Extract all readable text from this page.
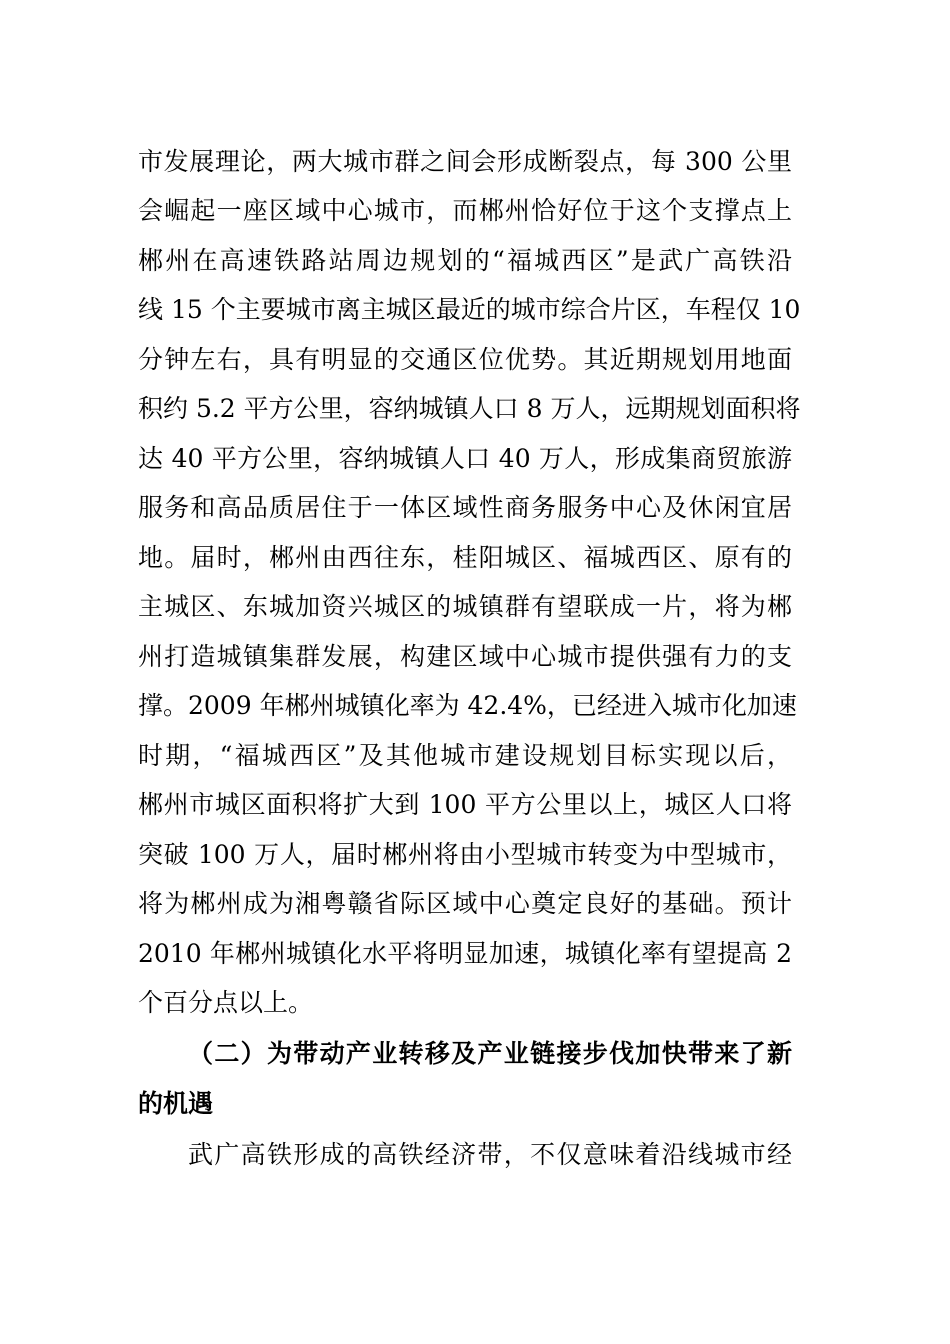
市发展理论，两大城市群之间会形成断裂点，每 300 公里
会崛起一座区域中心城市，而郴州恰好位于这个支撑点上
郴州在高速铁路站周边规划的“福城西区”是武广高铁沿
线 15 个主要城市离主城区最近的城市综合片区，车程仅 10
分钟左右，具有明显的交通区位优势。其近期规划用地面
积约 5.2 平方公里，容纳城镇人口 8 万人，远期规划面积将
达 40 平方公里，容纳城镇人口 40 万人，形成集商贸旅游
服务和高品质居住于一体区域性商务服务中心及休闲宜居
地。届时，郴州由西往东，桂阳城区、福城西区、原有的
主城区、东城加资兴城区的城镇群有望联成一片，将为郴
州打造城镇集群发展，构建区域中心城市提供强有力的支
撑。2009 年郴州城镇化率为 42.4%，已经进入城市化加速
时期，“福城西区”及其他城市建设规划目标实现以后，
郴州市城区面积将扩大到 100 平方公里以上，城区人口将
突破 100 万人，届时郴州将由小型城市转变为中型城市，
将为郴州成为湘粤赣省际区域中心奠定良好的基础。预计
2010 年郴州城镇化水平将明显加速，城镇化率有望提高 2
个百分点以上。
（二）为带动产业转移及产业链接步伐加快带来了新
的机遇
武广高铁形成的高铁经济带，不仅意味着沿线城市经
